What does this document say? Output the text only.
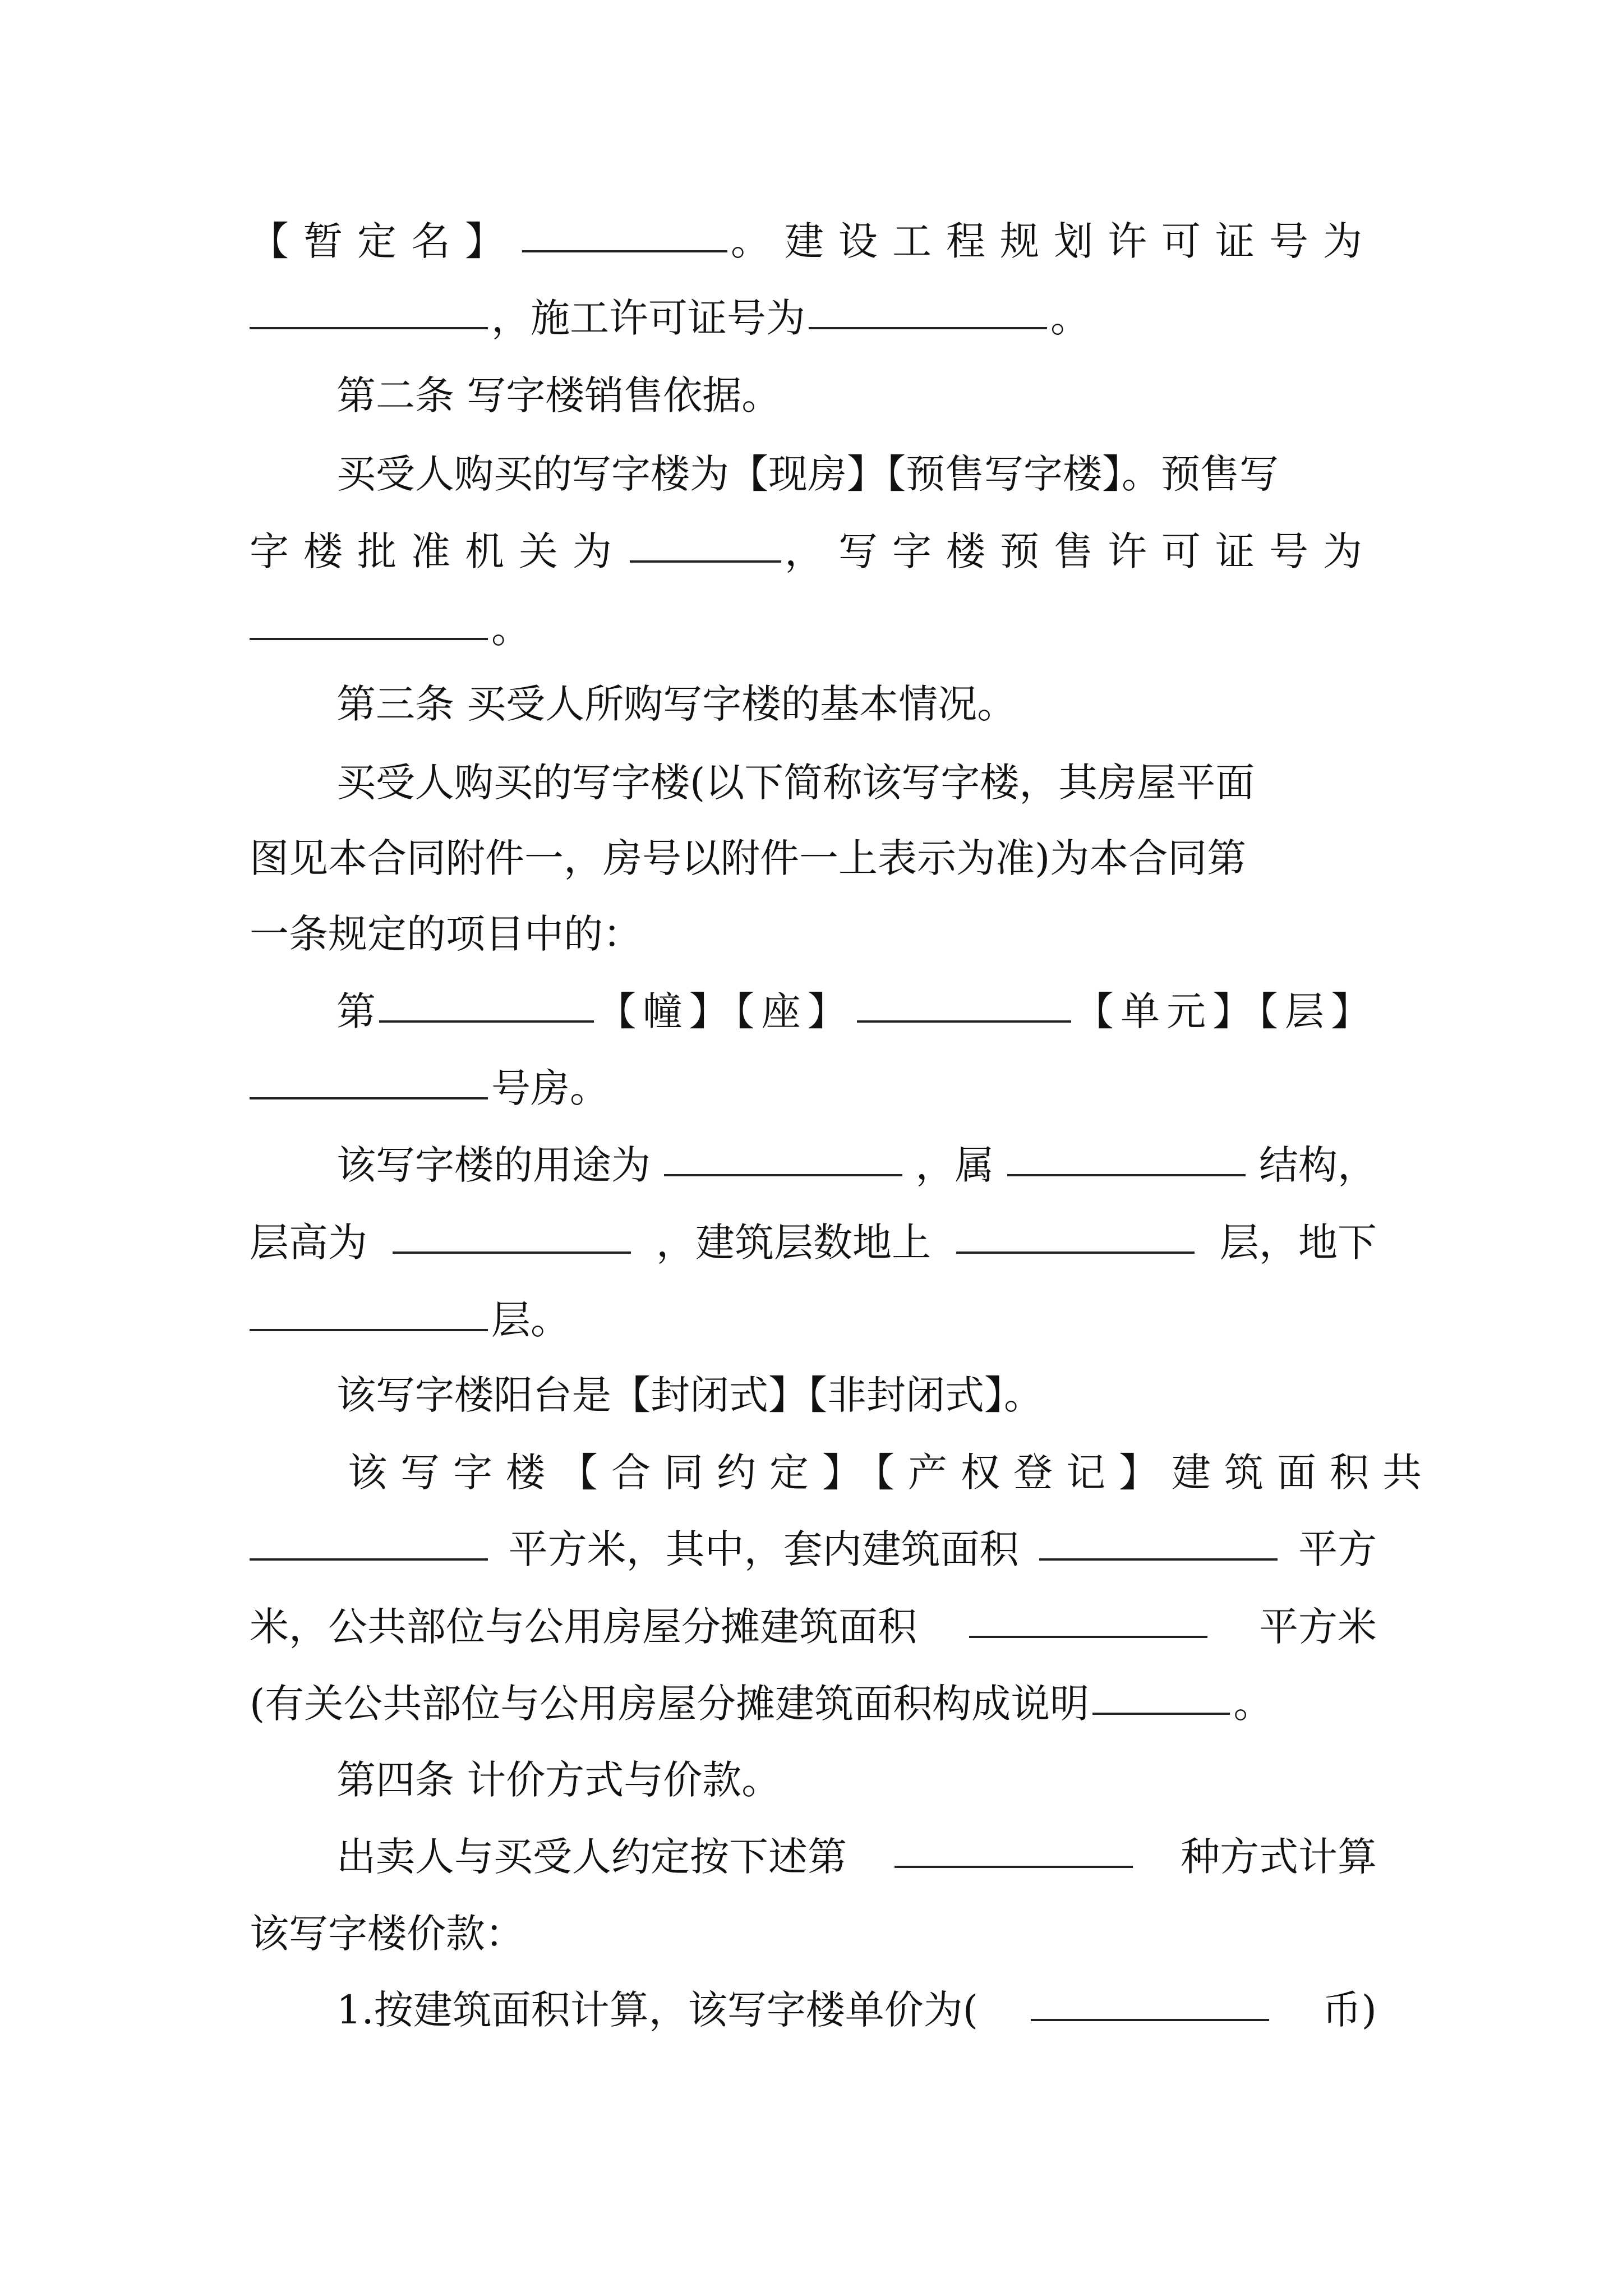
【暂定名】	。建设工程规划许可证号为
，施工许可证号为	。
第二条 写字楼销售依据。
买受人购买的写字楼为【现房】【预售写字楼】。预售写
字楼批准机关为	，写字楼预售许可证号为
。
第三条 买受人所购写字楼的基本情况。
买受人购买的写字楼(以下简称该写字楼，其房屋平面
图见本合同附件一，房号以附件一上表示为准)为本合同第
一条规定的项目中的：
第	【幢】【座】	【单元】【层】
号房。
该写字楼的用途为	，属	结构，
层高为	，建筑层数地上	层，地下
层。
该写字楼阳台是【封闭式】【非封闭式】。
该写字楼【合同约定】【产权登记】建筑面积共
平方米，其中，套内建筑面积	平方
米，公共部位与公用房屋分摊建筑面积	平方米
(有关公共部位与公用房屋分摊建筑面积构成说明	。
第四条 计价方式与价款。
出卖人与买受人约定按下述第	种方式计算
该写字楼价款：
1.按建筑面积计算，该写字楼单价为(	币)
